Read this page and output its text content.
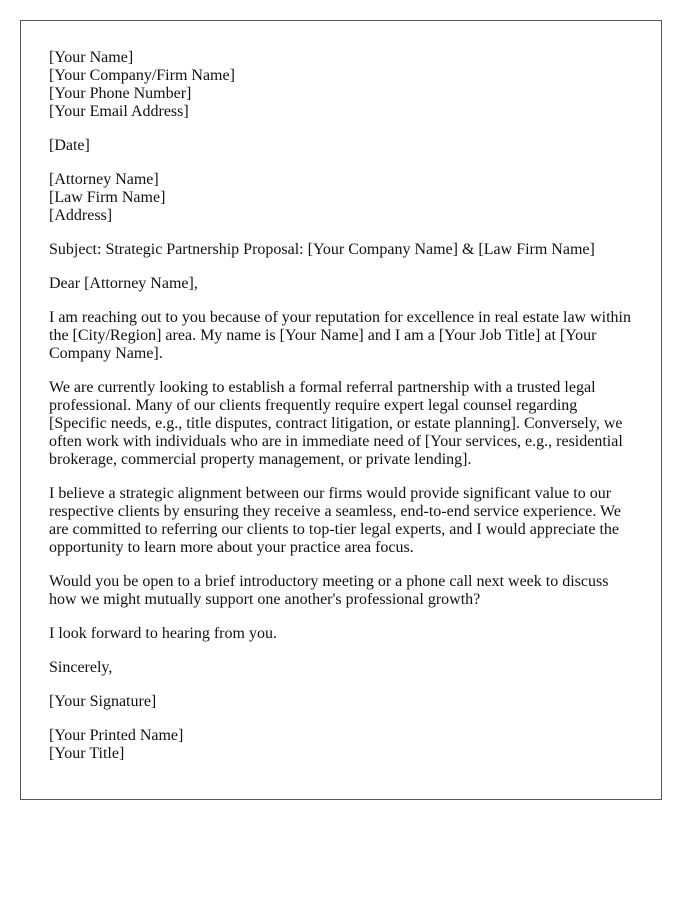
[Your Name]
[Your Company/Firm Name]
[Your Phone Number]
[Your Email Address]

[Date]

[Attorney Name]
[Law Firm Name]
[Address]

Subject: Strategic Partnership Proposal: [Your Company Name] & [Law Firm Name]

Dear [Attorney Name],

I am reaching out to you because of your reputation for excellence in real estate law within the [City/Region] area. My name is [Your Name] and I am a [Your Job Title] at [Your Company Name].

We are currently looking to establish a formal referral partnership with a trusted legal professional. Many of our clients frequently require expert legal counsel regarding [Specific needs, e.g., title disputes, contract litigation, or estate planning]. Conversely, we often work with individuals who are in immediate need of [Your services, e.g., residential brokerage, commercial property management, or private lending].

I believe a strategic alignment between our firms would provide significant value to our respective clients by ensuring they receive a seamless, end-to-end service experience. We are committed to referring our clients to top-tier legal experts, and I would appreciate the opportunity to learn more about your practice area focus.

Would you be open to a brief introductory meeting or a phone call next week to discuss how we might mutually support one another's professional growth?

I look forward to hearing from you.

Sincerely,

[Your Signature]

[Your Printed Name]
[Your Title]
